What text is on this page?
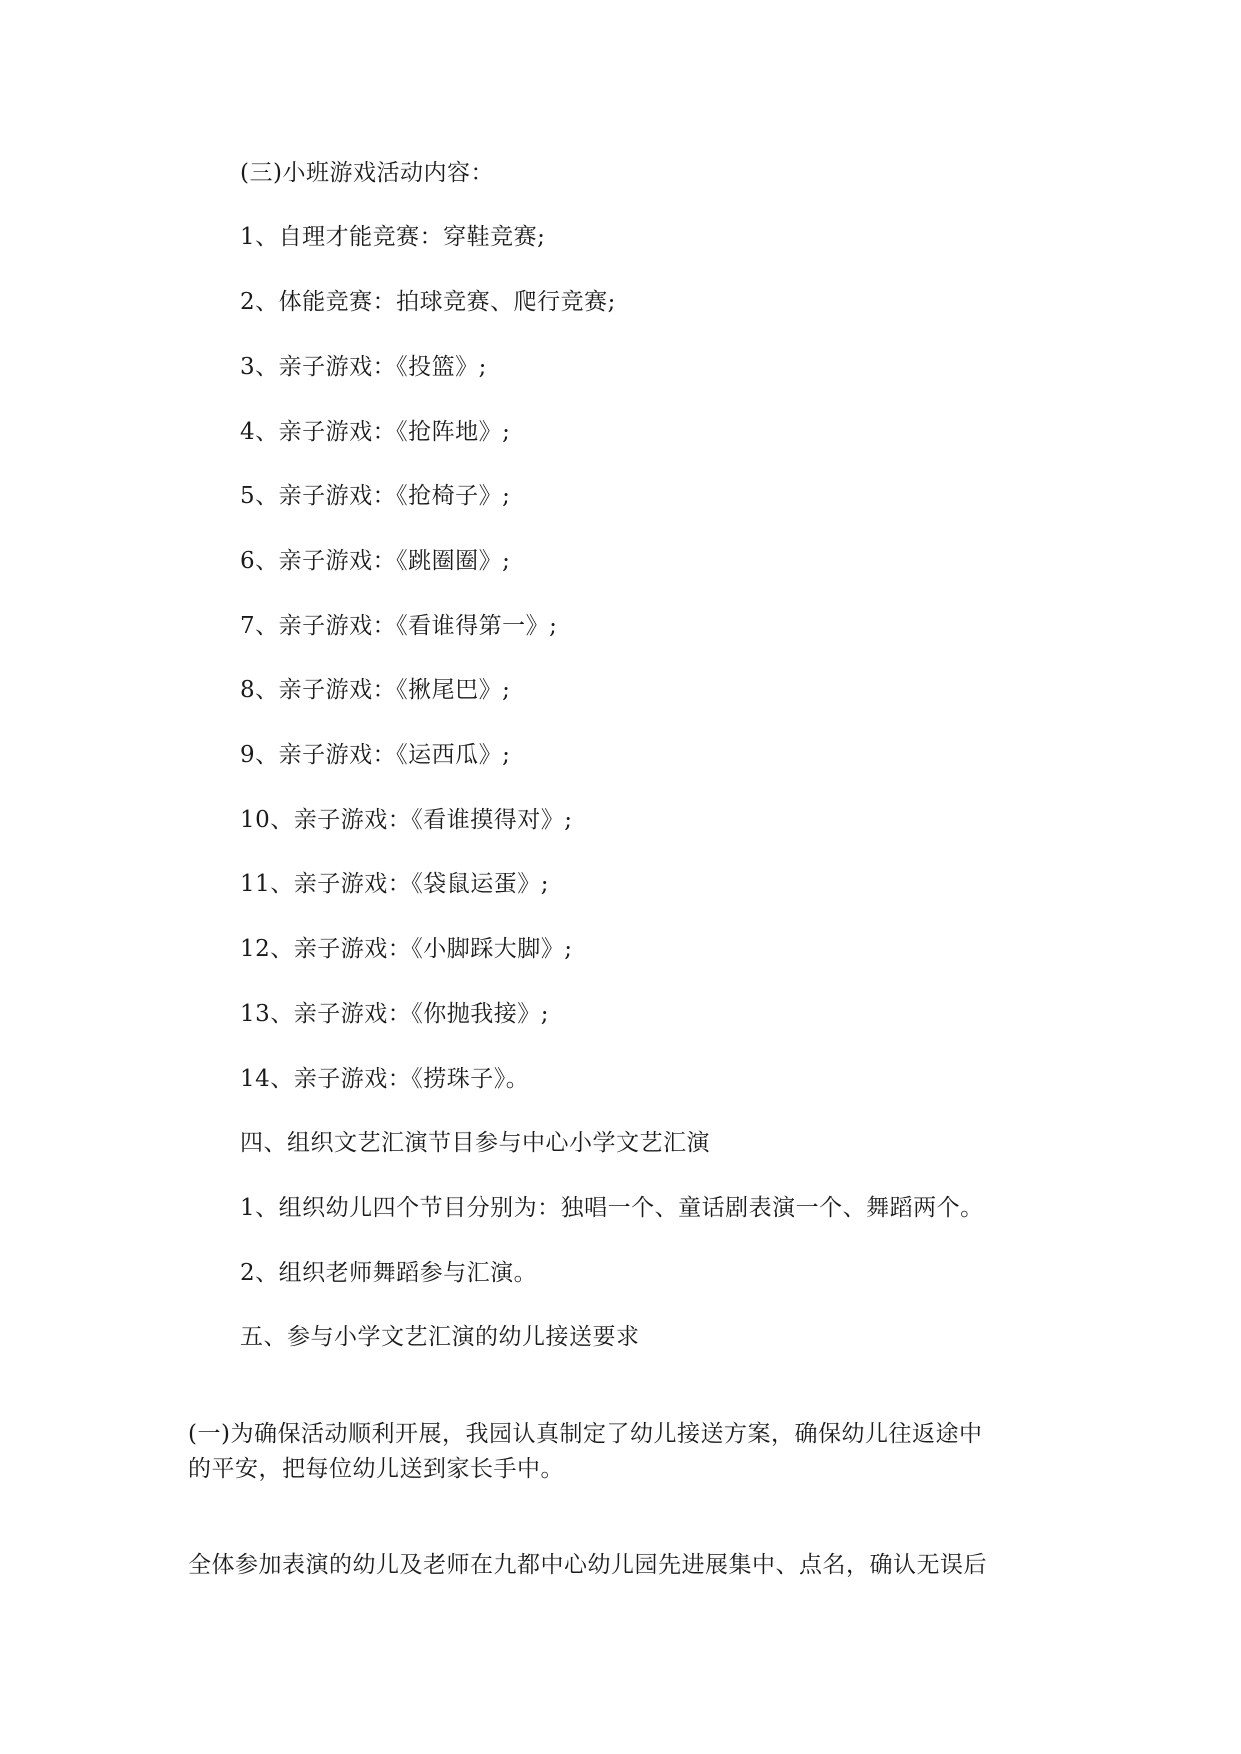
(三)小班游戏活动内容：
1、自理才能竞赛：穿鞋竞赛;
2、体能竞赛：拍球竞赛、爬行竞赛;
3、亲子游戏：《投篮》;
4、亲子游戏：《抢阵地》;
5、亲子游戏：《抢椅子》;
6、亲子游戏：《跳圈圈》;
7、亲子游戏：《看谁得第一》;
8、亲子游戏：《揪尾巴》;
9、亲子游戏：《运西瓜》;
10、亲子游戏：《看谁摸得对》;
11、亲子游戏：《袋鼠运蛋》;
12、亲子游戏：《小脚踩大脚》;
13、亲子游戏：《你抛我接》;
14、亲子游戏：《捞珠子》。
四、组织文艺汇演节目参与中心小学文艺汇演
1、组织幼儿四个节目分别为：独唱一个、童话剧表演一个、舞蹈两个。
2、组织老师舞蹈参与汇演。
五、参与小学文艺汇演的幼儿接送要求
(一)为确保活动顺利开展，我园认真制定了幼儿接送方案，确保幼儿往返途中
的平安，把每位幼儿送到家长手中。
全体参加表演的幼儿及老师在九都中心幼儿园先进展集中、点名，确认无误后
